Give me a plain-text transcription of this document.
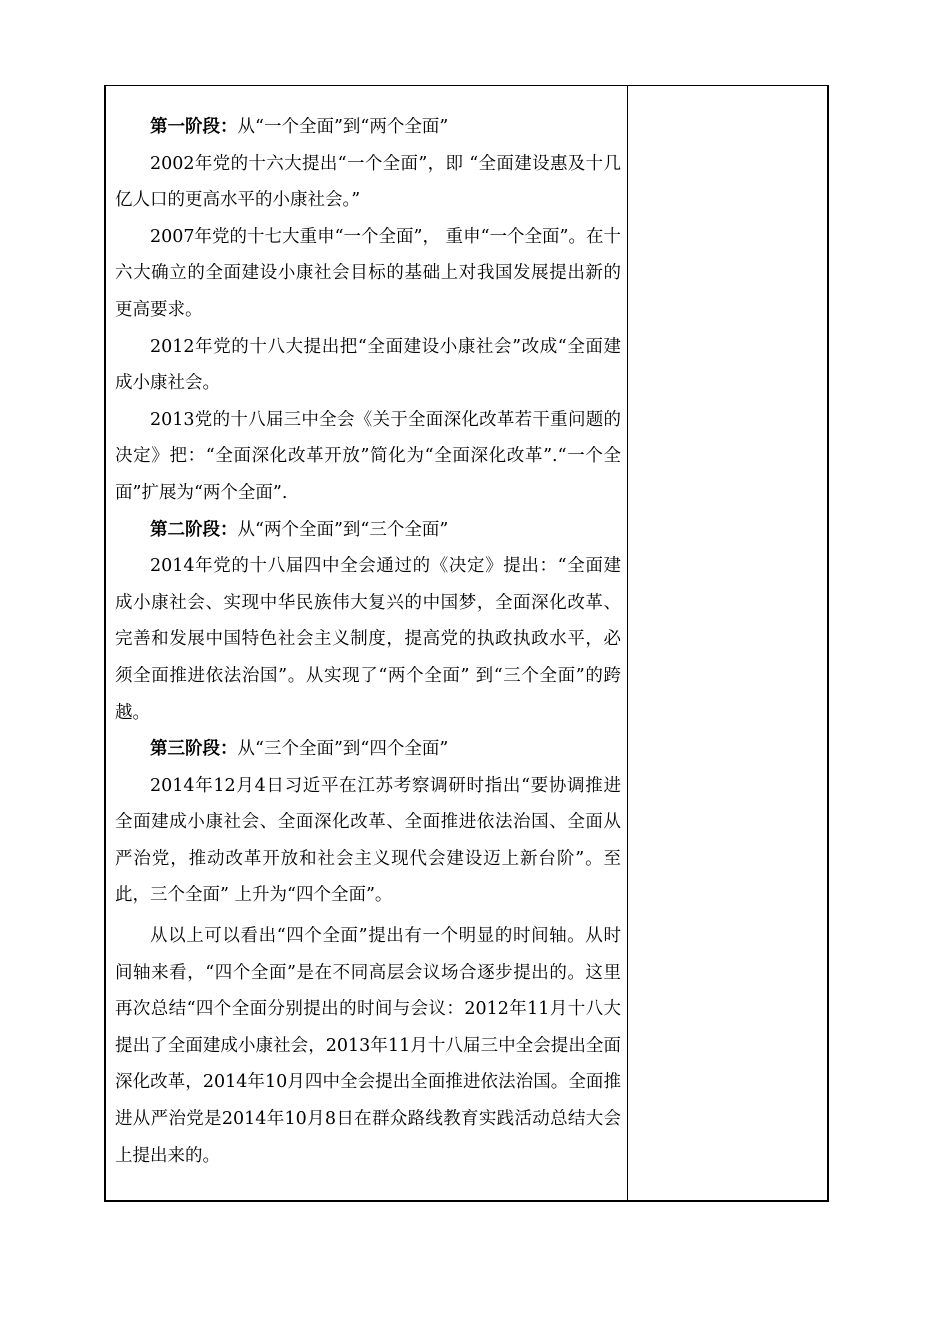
第一阶段：从“一个全面”到“两个全面”

2002年党的十六大提出“一个全面”，即 “全面建设惠及十几亿人口的更高水平的小康社会。”

2007年党的十七大重申“一个全面”， 重申“一个全面”。在十六大确立的全面建设小康社会目标的基础上对我国发展提出新的更高要求。

2012年党的十八大提出把“全面建设小康社会”改成“全面建成小康社会。

2013党的十八届三中全会《关于全面深化改革若干重问题的决定》把：“全面深化改革开放”简化为“全面深化改革”.“一个全面”扩展为“两个全面”.

第二阶段：从“两个全面”到“三个全面”

2014年党的十八届四中全会通过的《决定》提出：“全面建成小康社会、实现中华民族伟大复兴的中国梦，全面深化改革、完善和发展中国特色社会主义制度，提高党的执政执政水平，必须全面推进依法治国”。从实现了“两个全面” 到“三个全面”的跨越。

第三阶段：从“三个全面”到“四个全面”

2014年12月4日习近平在江苏考察调研时指出“要协调推进全面建成小康社会、全面深化改革、全面推进依法治国、全面从严治党，推动改革开放和社会主义现代会建设迈上新台阶”。至此，三个全面” 上升为“四个全面”。

从以上可以看出“四个全面”提出有一个明显的时间轴。从时间轴来看，“四个全面”是在不同高层会议场合逐步提出的。这里再次总结“四个全面分别提出的时间与会议：2012年11月十八大提出了全面建成小康社会，2013年11月十八届三中全会提出全面深化改革，2014年10月四中全会提出全面推进依法治国。全面推进从严治党是2014年10月8日在群众路线教育实践活动总结大会上提出来的。
